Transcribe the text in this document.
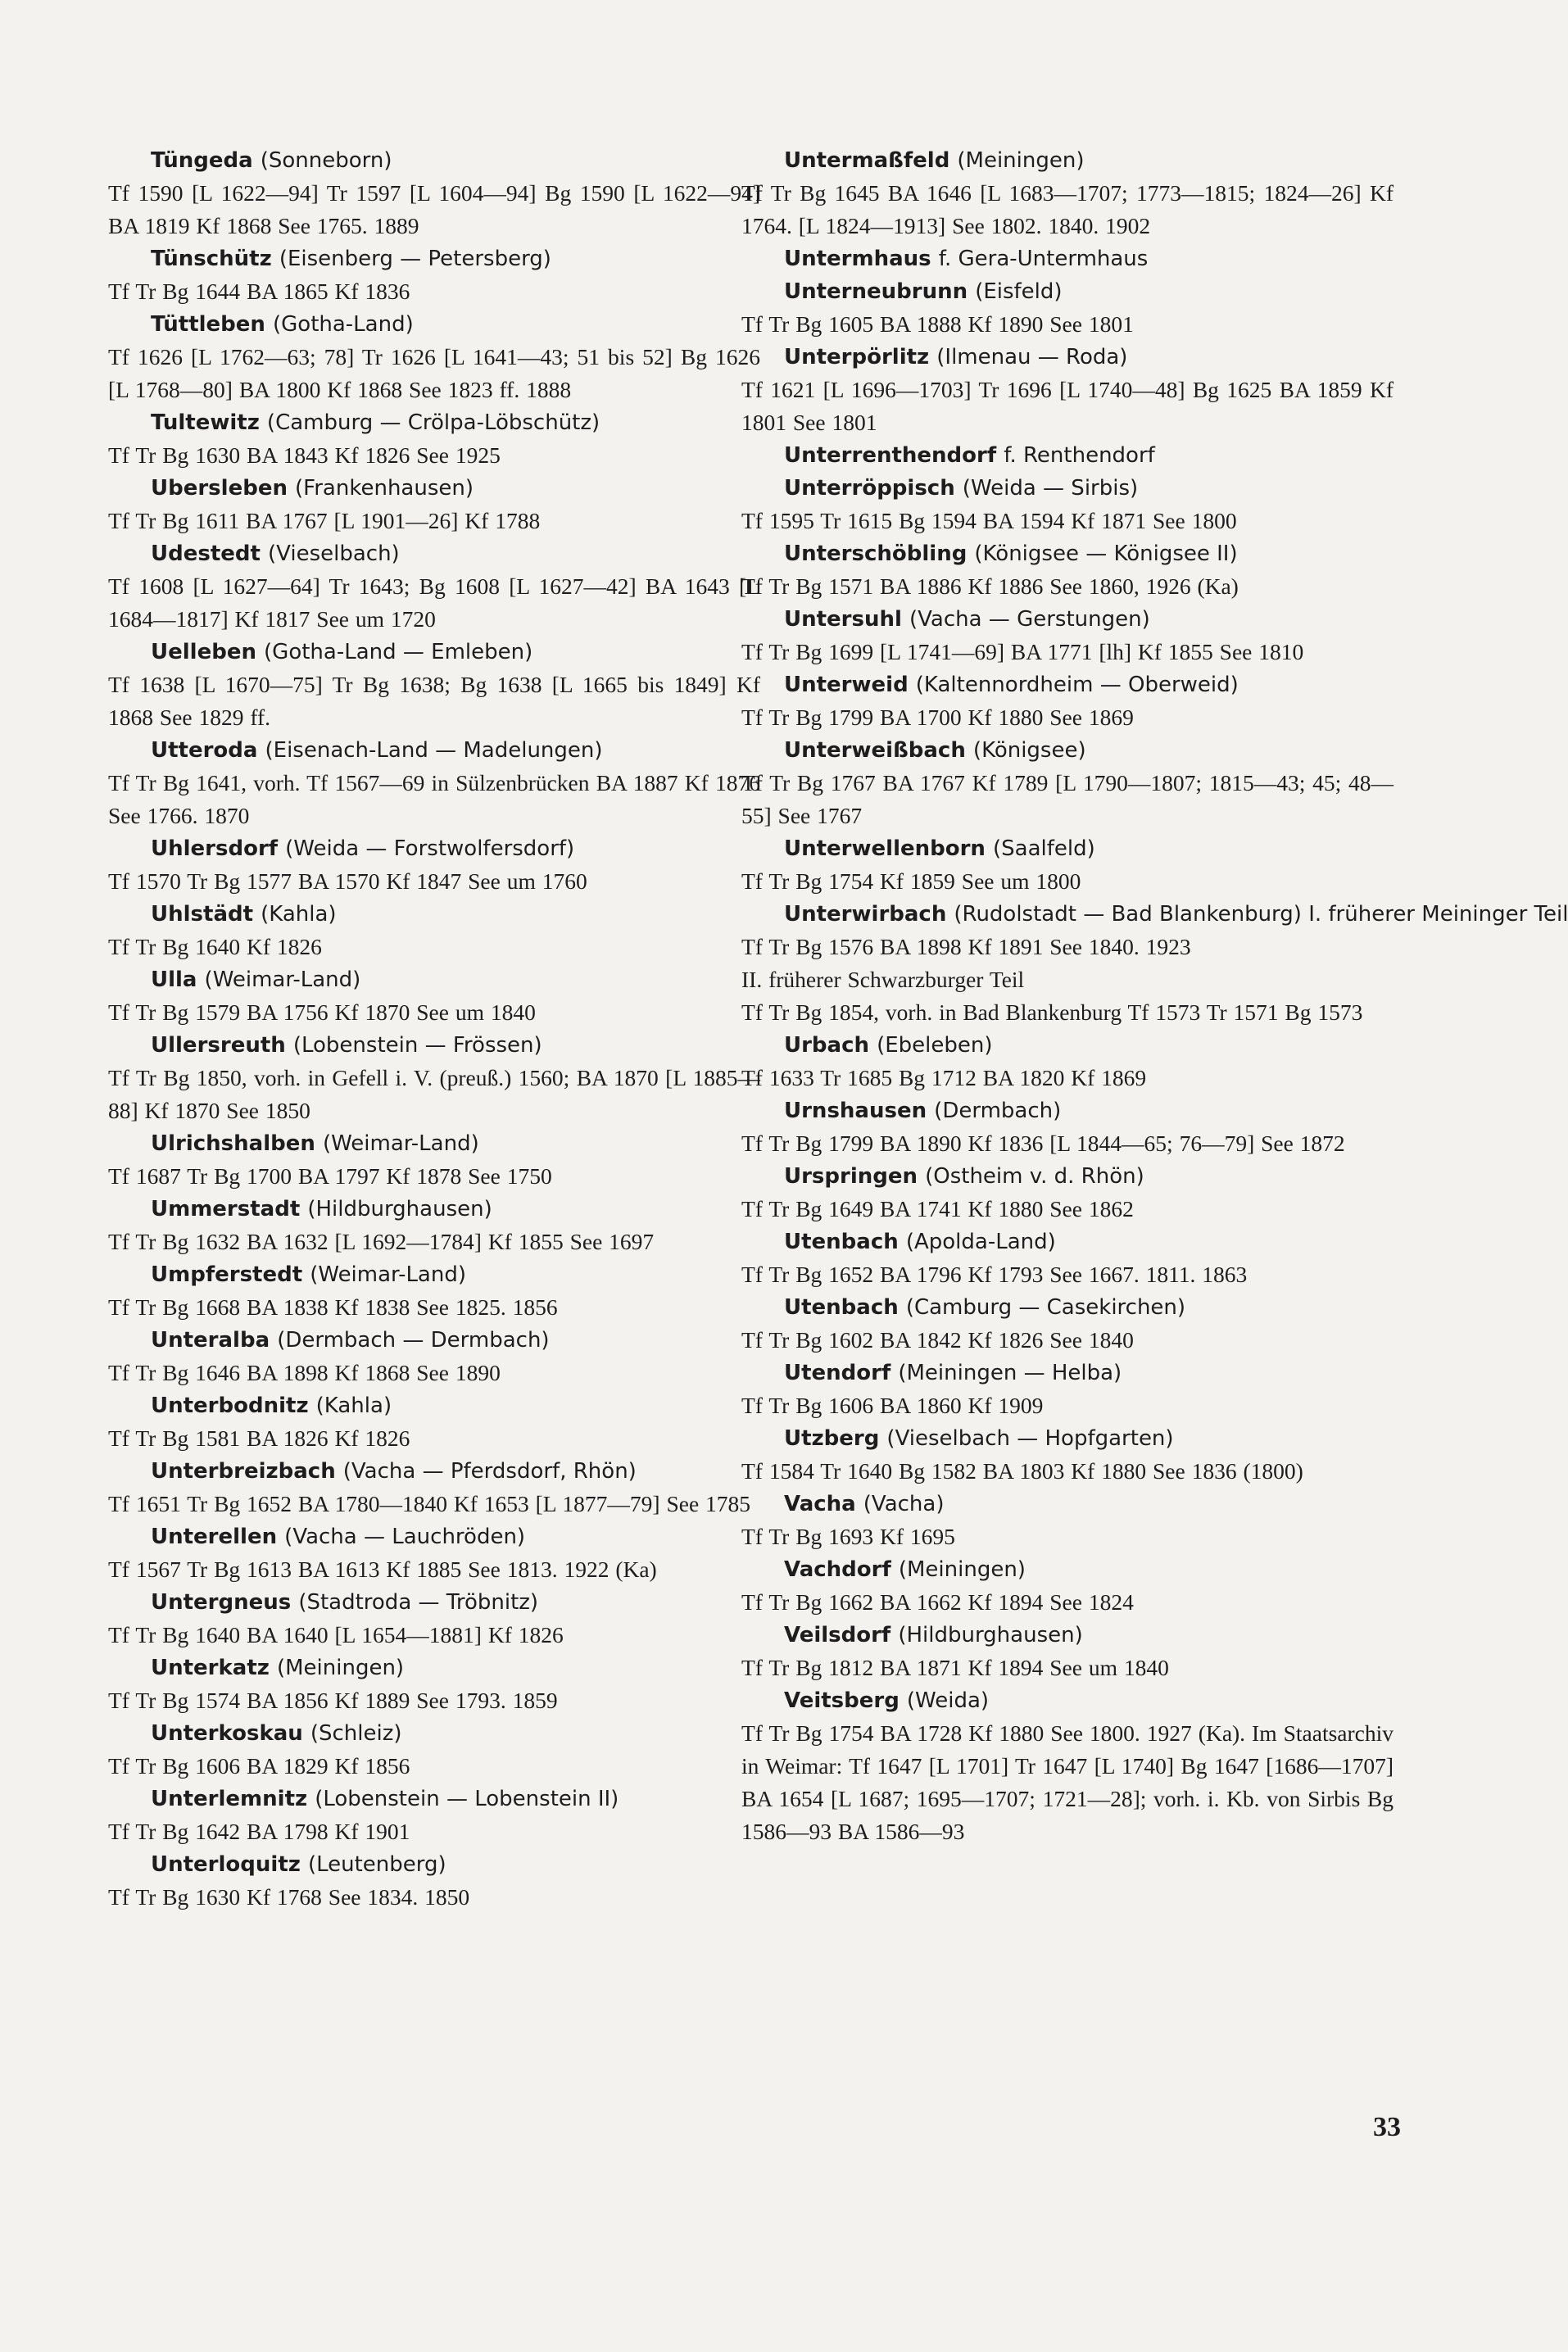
Tüngeda (Sonneborn)
Tf 1590 [L 1622—94] Tr 1597 [L 1604—94] Bg 1590 [L 1622—94] BA 1819 Kf 1868 See 1765. 1889
Tünschütz (Eisenberg — Petersberg)
Tf Tr Bg 1644 BA 1865 Kf 1836
Tüttleben (Gotha-Land)
Tf 1626 [L 1762—63; 78] Tr 1626 [L 1641—43; 51 bis 52] Bg 1626 [L 1768—80] BA 1800 Kf 1868 See 1823 ff. 1888
Tultewitz (Camburg — Crölpa-Löbschütz)
Tf Tr Bg 1630 BA 1843 Kf 1826 See 1925
Ubersleben (Frankenhausen)
Tf Tr Bg 1611 BA 1767 [L 1901—26] Kf 1788
Udestedt (Vieselbach)
Tf 1608 [L 1627—64] Tr 1643; Bg 1608 [L 1627—42] BA 1643 [L 1684—1817] Kf 1817 See um 1720
Uelleben (Gotha-Land — Emleben)
Tf 1638 [L 1670—75] Tr Bg 1638; Bg 1638 [L 1665 bis 1849] Kf 1868 See 1829 ff.
Utteroda (Eisenach-Land — Madelungen)
Tf Tr Bg 1641, vorh. Tf 1567—69 in Sülzenbrücken BA 1887 Kf 1876 See 1766. 1870
Uhlersdorf (Weida — Forstwolfersdorf)
Tf 1570 Tr Bg 1577 BA 1570 Kf 1847 See um 1760
Uhlstädt (Kahla)
Tf Tr Bg 1640 Kf 1826
Ulla (Weimar-Land)
Tf Tr Bg 1579 BA 1756 Kf 1870 See um 1840
Ullersreuth (Lobenstein — Frössen)
Tf Tr Bg 1850, vorh. in Gefell i. V. (preuß.) 1560; BA 1870 [L 1885—88] Kf 1870 See 1850
Ulrichshalben (Weimar-Land)
Tf 1687 Tr Bg 1700 BA 1797 Kf 1878 See 1750
Ummerstadt (Hildburghausen)
Tf Tr Bg 1632 BA 1632 [L 1692—1784] Kf 1855 See 1697
Umpferstedt (Weimar-Land)
Tf Tr Bg 1668 BA 1838 Kf 1838 See 1825. 1856
Unteralba (Dermbach — Dermbach)
Tf Tr Bg 1646 BA 1898 Kf 1868 See 1890
Unterbodnitz (Kahla)
Tf Tr Bg 1581 BA 1826 Kf 1826
Unterbreizbach (Vacha — Pferdsdorf, Rhön)
Tf 1651 Tr Bg 1652 BA 1780—1840 Kf 1653 [L 1877—79] See 1785
Unterellen (Vacha — Lauchröden)
Tf 1567 Tr Bg 1613 BA 1613 Kf 1885 See 1813. 1922 (Ka)
Untergneus (Stadtroda — Tröbnitz)
Tf Tr Bg 1640 BA 1640 [L 1654—1881] Kf 1826
Unterkatz (Meiningen)
Tf Tr Bg 1574 BA 1856 Kf 1889 See 1793. 1859
Unterkoskau (Schleiz)
Tf Tr Bg 1606 BA 1829 Kf 1856
Unterlemnitz (Lobenstein — Lobenstein II)
Tf Tr Bg 1642 BA 1798 Kf 1901
Unterloquitz (Leutenberg)
Tf Tr Bg 1630 Kf 1768 See 1834. 1850
Untermaßfeld (Meiningen)
Tf Tr Bg 1645 BA 1646 [L 1683—1707; 1773—1815; 1824—26] Kf 1764. [L 1824—1913] See 1802. 1840. 1902
Untermhaus f. Gera-Untermhaus
Unterneubrunn (Eisfeld)
Tf Tr Bg 1605 BA 1888 Kf 1890 See 1801
Unterpörlitz (Ilmenau — Roda)
Tf 1621 [L 1696—1703] Tr 1696 [L 1740—48] Bg 1625 BA 1859 Kf 1801 See 1801
Unterrenthendorf f. Renthendorf
Unterröppisch (Weida — Sirbis)
Tf 1595 Tr 1615 Bg 1594 BA 1594 Kf 1871 See 1800
Unterschöbling (Königsee — Königsee II)
Tf Tr Bg 1571 BA 1886 Kf 1886 See 1860, 1926 (Ka)
Untersuhl (Vacha — Gerstungen)
Tf Tr Bg 1699 [L 1741—69] BA 1771 [lh] Kf 1855 See 1810
Unterweid (Kaltennordheim — Oberweid)
Tf Tr Bg 1799 BA 1700 Kf 1880 See 1869
Unterweißbach (Königsee)
Tf Tr Bg 1767 BA 1767 Kf 1789 [L 1790—1807; 1815—43; 45; 48—55] See 1767
Unterwellenborn (Saalfeld)
Tf Tr Bg 1754 Kf 1859 See um 1800
Unterwirbach (Rudolstadt — Bad Blankenburg) I. früherer Meininger Teil
Tf Tr Bg 1576 BA 1898 Kf 1891 See 1840. 1923
II. früherer Schwarzburger Teil
Tf Tr Bg 1854, vorh. in Bad Blankenburg Tf 1573 Tr 1571 Bg 1573
Urbach (Ebeleben)
Tf 1633 Tr 1685 Bg 1712 BA 1820 Kf 1869
Urnshausen (Dermbach)
Tf Tr Bg 1799 BA 1890 Kf 1836 [L 1844—65; 76—79] See 1872
Urspringen (Ostheim v. d. Rhön)
Tf Tr Bg 1649 BA 1741 Kf 1880 See 1862
Utenbach (Apolda-Land)
Tf Tr Bg 1652 BA 1796 Kf 1793 See 1667. 1811. 1863
Utenbach (Camburg — Casekirchen)
Tf Tr Bg 1602 BA 1842 Kf 1826 See 1840
Utendorf (Meiningen — Helba)
Tf Tr Bg 1606 BA 1860 Kf 1909
Utzberg (Vieselbach — Hopfgarten)
Tf 1584 Tr 1640 Bg 1582 BA 1803 Kf 1880 See 1836 (1800)
Vacha (Vacha)
Tf Tr Bg 1693 Kf 1695
Vachdorf (Meiningen)
Tf Tr Bg 1662 BA 1662 Kf 1894 See 1824
Veilsdorf (Hildburghausen)
Tf Tr Bg 1812 BA 1871 Kf 1894 See um 1840
Veitsberg (Weida)
Tf Tr Bg 1754 BA 1728 Kf 1880 See 1800. 1927 (Ka). Im Staatsarchiv in Weimar: Tf 1647 [L 1701] Tr 1647 [L 1740] Bg 1647 [1686—1707] BA 1654 [L 1687; 1695—1707; 1721—28]; vorh. i. Kb. von Sirbis Bg 1586—93 BA 1586—93
33
